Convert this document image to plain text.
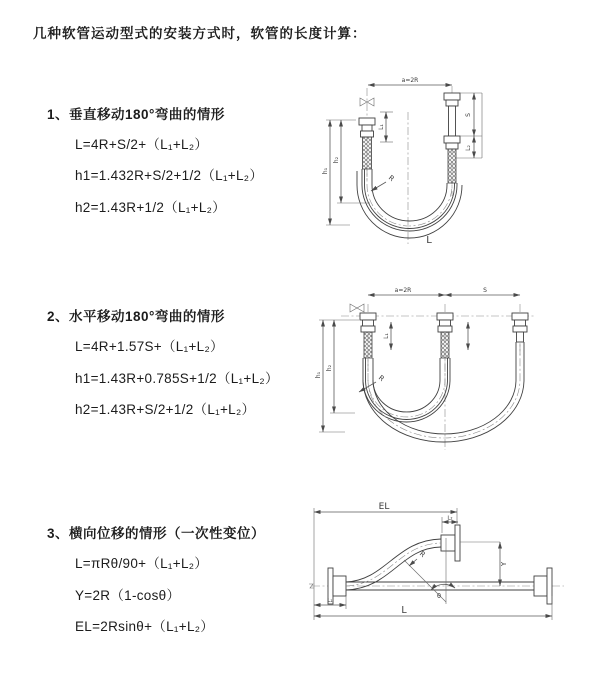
几种软管运动型式的安装方式时，软管的长度计算：
1、垂直移动180°弯曲的情形
L=4R+S/2+（L₁+L₂）
h1=1.432R+S/2+1/2（L₁+L₂）
h2=1.43R+1/2（L₁+L₂）
a=2R
h₁
h₂
L₁
R
S
L₂
L
2、水平移动180°弯曲的情形
L=4R+1.57S+（L₁+L₂）
h1=1.43R+0.785S+1/2（L₁+L₂）
h2=1.43R+S/2+1/2（L₁+L₂）
a=2R	S
L₁
h₁
h₂
R
3、横向位移的情形（一次性变位）
L=πRθ/90+（L₁+L₂）
Y=2R（1-cosθ）
EL=2Rsinθ+（L₁+L₂）
EL
L₂
θ
R
Y
L₁
L
